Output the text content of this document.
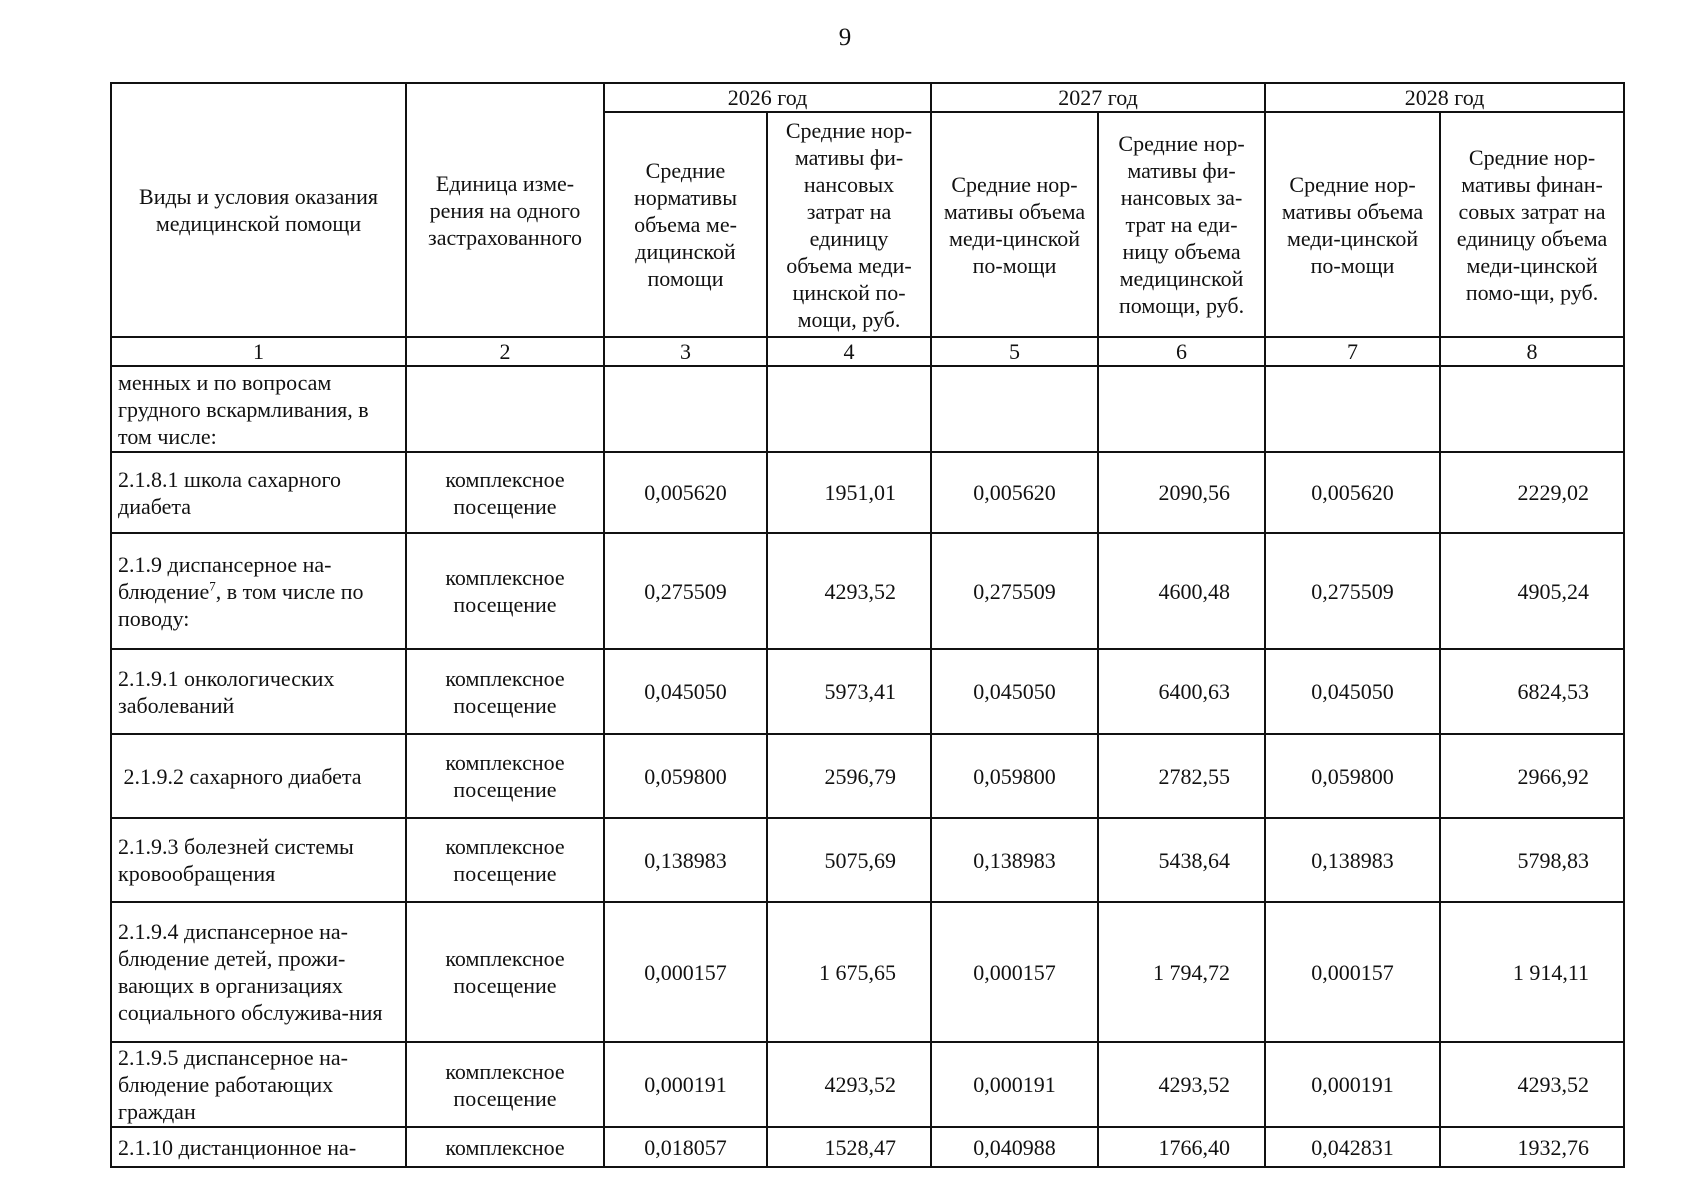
9
Виды и условия оказания медицинской помощи	Единица изме-рения на одного застрахованного	2026 год		2027 год		2028 год	
		Средние нормативы объема ме-дицинской помощи	Средние нор-мативы фи-нансовых затрат на единицу объема меди-цинской по-мощи, руб.	Средние нор-мативы объема меди-цинской по-мощи	Средние нор-мативы фи-нансовых за-трат на еди-ницу объема медицинской помощи, руб.	Средние нор-мативы объема меди-цинской по-мощи	Средние нор-мативы финан-совых затрат на единицу объема меди-цинской помо-щи, руб.
1	2	3	4	5	6	7	8
менных и по вопросам грудного вскармливания, в том числе:							
2.1.8.1 школа сахарного диабета	комплексное посещение	0,005620	1951,01	0,005620	2090,56	0,005620	2229,02
2.1.9 диспансерное на-блюдение$^7$, в том числе по поводу:	комплексное посещение	0,275509	4293,52	0,275509	4600,48	0,275509	4905,24
2.1.9.1 онкологических заболеваний	комплексное посещение	0,045050	5973,41	0,045050	6400,63	0,045050	6824,53
2.1.9.2 сахарного диабета	комплексное посещение	0,059800	2596,79	0,059800	2782,55	0,059800	2966,92
2.1.9.3 болезней системы кровообращения	комплексное посещение	0,138983	5075,69	0,138983	5438,64	0,138983	5798,83
2.1.9.4 диспансерное на-блюдение детей, прожи-вающих в организациях социального обслужива-ния	комплексное посещение	0,000157	1 675,65	0,000157	1 794,72	0,000157	1 914,11
2.1.9.5 диспансерное на-блюдение работающих граждан	комплексное посещение	0,000191	4293,52	0,000191	4293,52	0,000191	4293,52
2.1.10 дистанционное на-	комплексное	0,018057	1528,47	0,040988	1766,40	0,042831	1932,76
